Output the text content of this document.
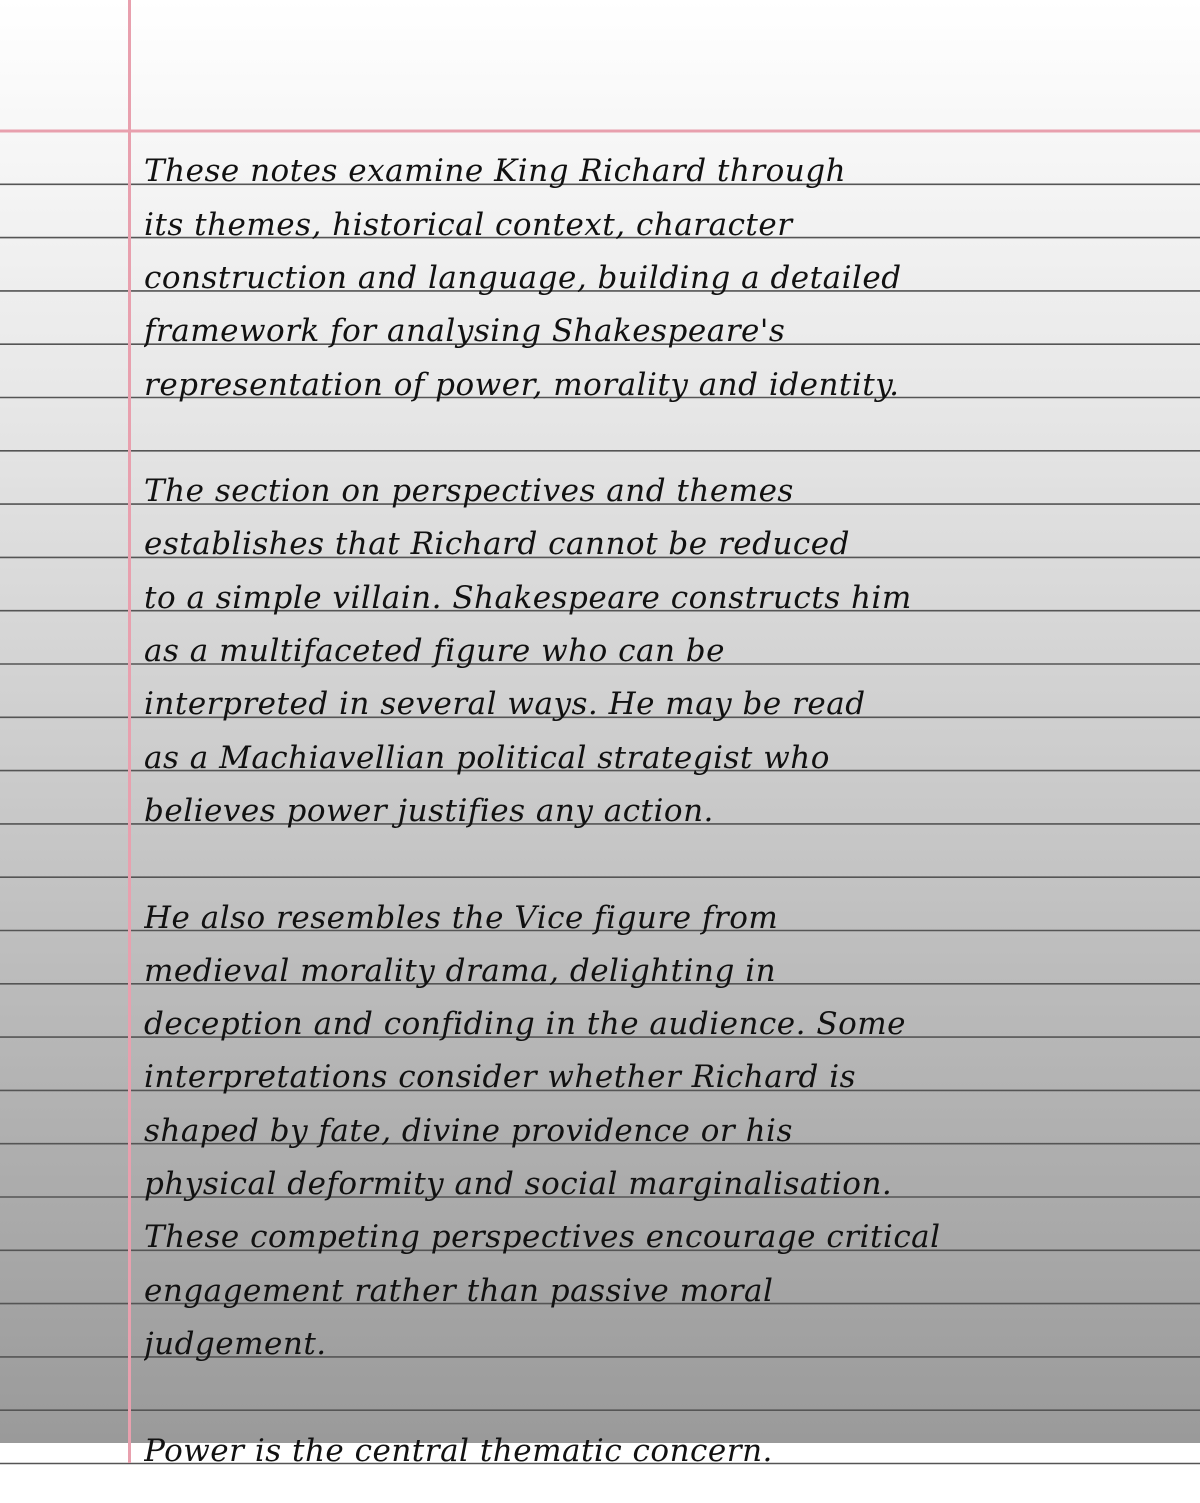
These notes examine King Richard through
its themes, historical context, character
construction and language, building a detailed
framework for analysing Shakespeare's
representation of power, morality and identity.
The section on perspectives and themes
establishes that Richard cannot be reduced
to a simple villain. Shakespeare constructs him
as a multifaceted figure who can be
interpreted in several ways. He may be read
as a Machiavellian political strategist who
believes power justifies any action.
He also resembles the Vice figure from
medieval morality drama, delighting in
deception and confiding in the audience. Some
interpretations consider whether Richard is
shaped by fate, divine providence or his
physical deformity and social marginalisation.
These competing perspectives encourage critical
engagement rather than passive moral
judgement.
Power is the central thematic concern.
